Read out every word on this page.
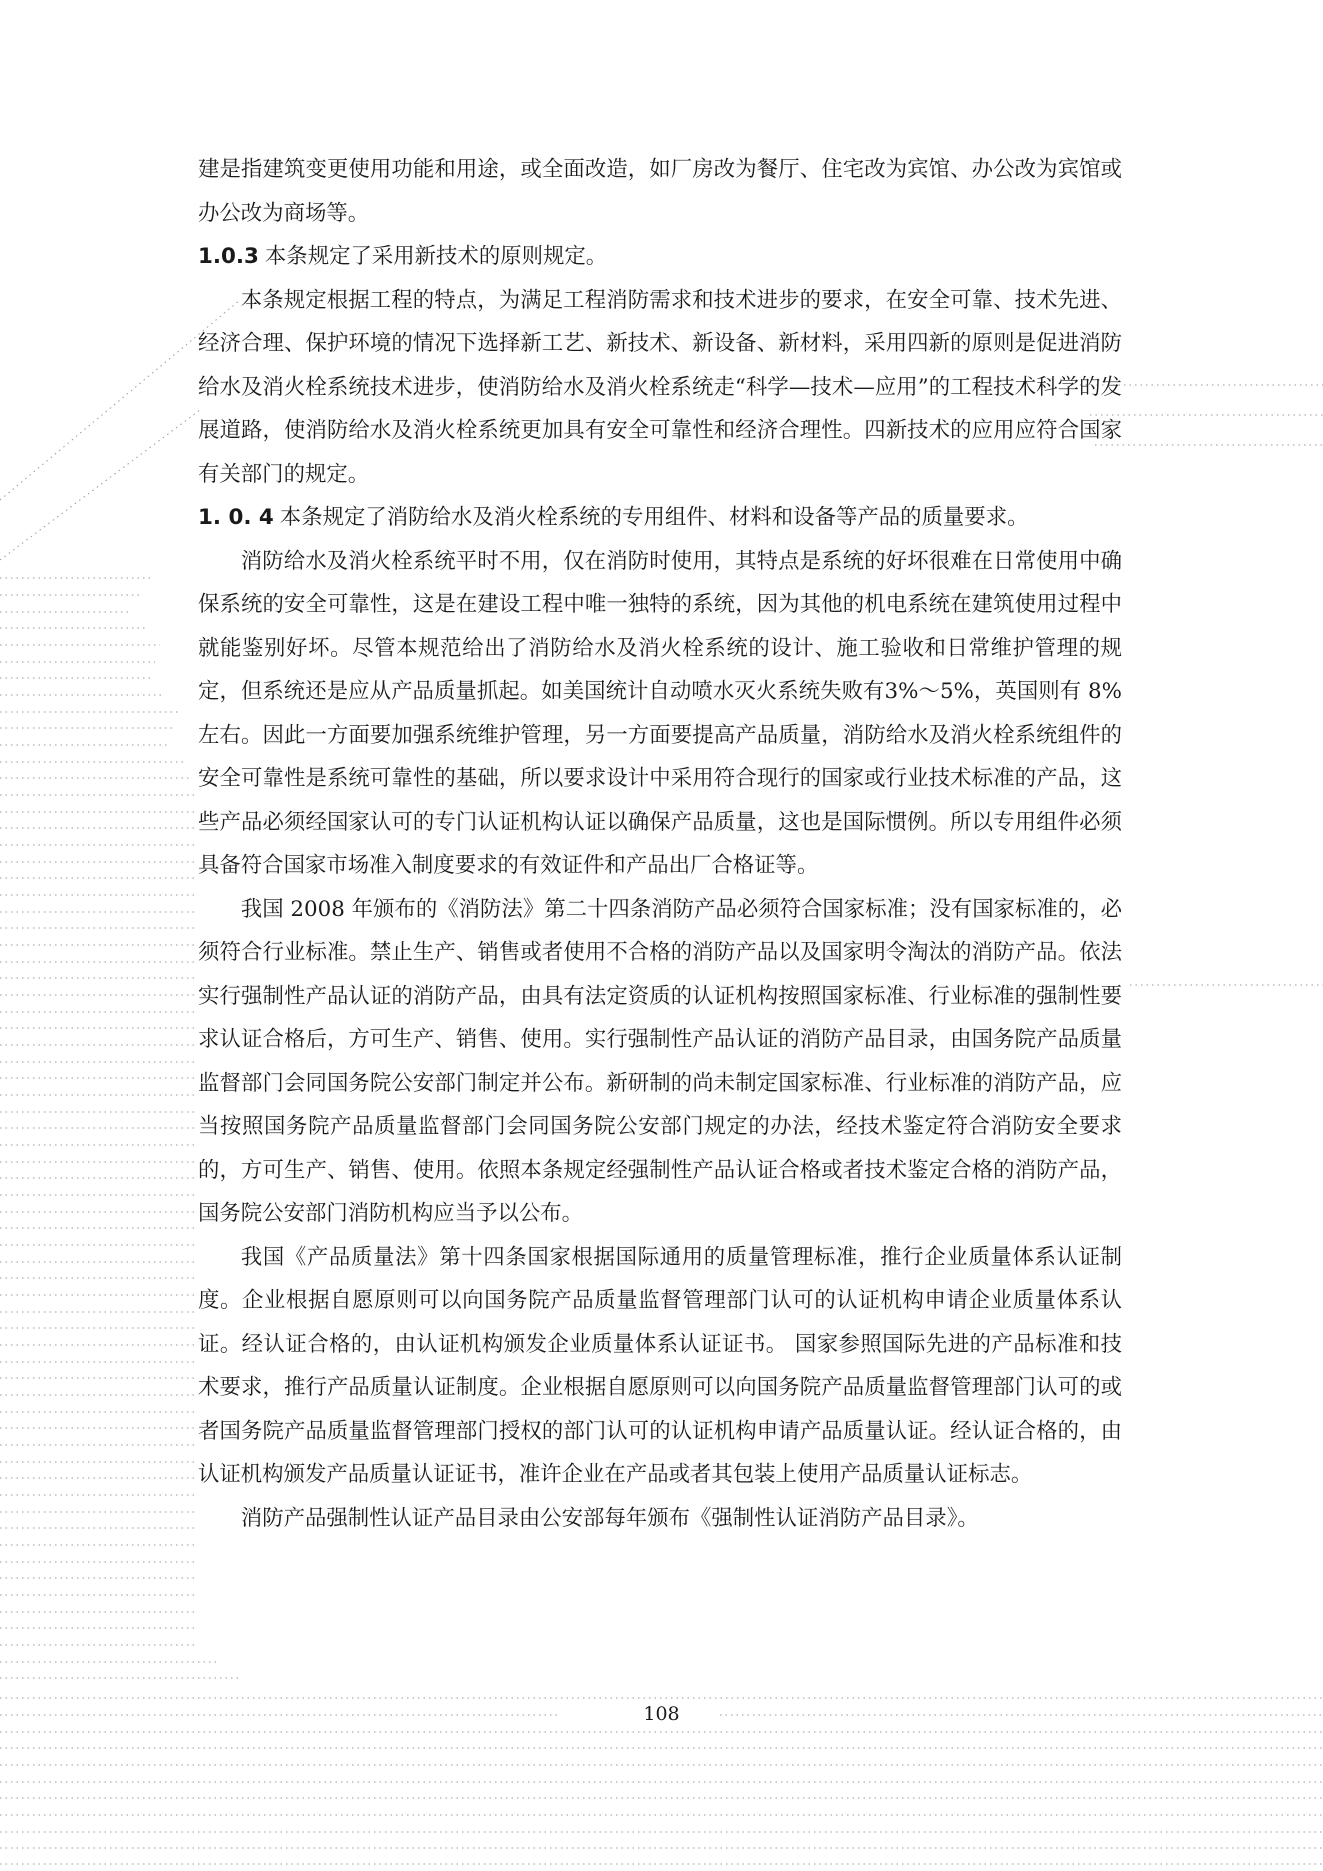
建是指建筑变更使用功能和用途，或全面改造，如厂房改为餐厅、住宅改为宾馆、办公改为宾馆或办公改为商场等。

1.0.3 本条规定了采用新技术的原则规定。

本条规定根据工程的特点，为满足工程消防需求和技术进步的要求，在安全可靠、技术先进、经济合理、保护环境的情况下选择新工艺、新技术、新设备、新材料，采用四新的原则是促进消防给水及消火栓系统技术进步，使消防给水及消火栓系统走“科学—技术—应用”的工程技术科学的发展道路，使消防给水及消火栓系统更加具有安全可靠性和经济合理性。四新技术的应用应符合国家有关部门的规定。

1. 0. 4 本条规定了消防给水及消火栓系统的专用组件、材料和设备等产品的质量要求。

消防给水及消火栓系统平时不用，仅在消防时使用，其特点是系统的好坏很难在日常使用中确保系统的安全可靠性，这是在建设工程中唯一独特的系统，因为其他的机电系统在建筑使用过程中就能鉴别好坏。尽管本规范给出了消防给水及消火栓系统的设计、施工验收和日常维护管理的规定，但系统还是应从产品质量抓起。如美国统计自动喷水灭火系统失败有3%～5%，英国则有 8%左右。因此一方面要加强系统维护管理，另一方面要提高产品质量，消防给水及消火栓系统组件的安全可靠性是系统可靠性的基础，所以要求设计中采用符合现行的国家或行业技术标准的产品，这些产品必须经国家认可的专门认证机构认证以确保产品质量，这也是国际惯例。所以专用组件必须具备符合国家市场准入制度要求的有效证件和产品出厂合格证等。

我国 2008 年颁布的《消防法》第二十四条消防产品必须符合国家标准；没有国家标准的，必须符合行业标准。禁止生产、销售或者使用不合格的消防产品以及国家明令淘汰的消防产品。依法实行强制性产品认证的消防产品，由具有法定资质的认证机构按照国家标准、行业标准的强制性要求认证合格后，方可生产、销售、使用。实行强制性产品认证的消防产品目录，由国务院产品质量监督部门会同国务院公安部门制定并公布。新研制的尚未制定国家标准、行业标准的消防产品，应当按照国务院产品质量监督部门会同国务院公安部门规定的办法，经技术鉴定符合消防安全要求的，方可生产、销售、使用。依照本条规定经强制性产品认证合格或者技术鉴定合格的消防产品，国务院公安部门消防机构应当予以公布。

我国《产品质量法》第十四条国家根据国际通用的质量管理标准，推行企业质量体系认证制度。企业根据自愿原则可以向国务院产品质量监督管理部门认可的认证机构申请企业质量体系认证。经认证合格的，由认证机构颁发企业质量体系认证证书。 国家参照国际先进的产品标准和技术要求，推行产品质量认证制度。企业根据自愿原则可以向国务院产品质量监督管理部门认可的或者国务院产品质量监督管理部门授权的部门认可的认证机构申请产品质量认证。经认证合格的，由认证机构颁发产品质量认证证书，准许企业在产品或者其包装上使用产品质量认证标志。

消防产品强制性认证产品目录由公安部每年颁布《强制性认证消防产品目录》。

108
